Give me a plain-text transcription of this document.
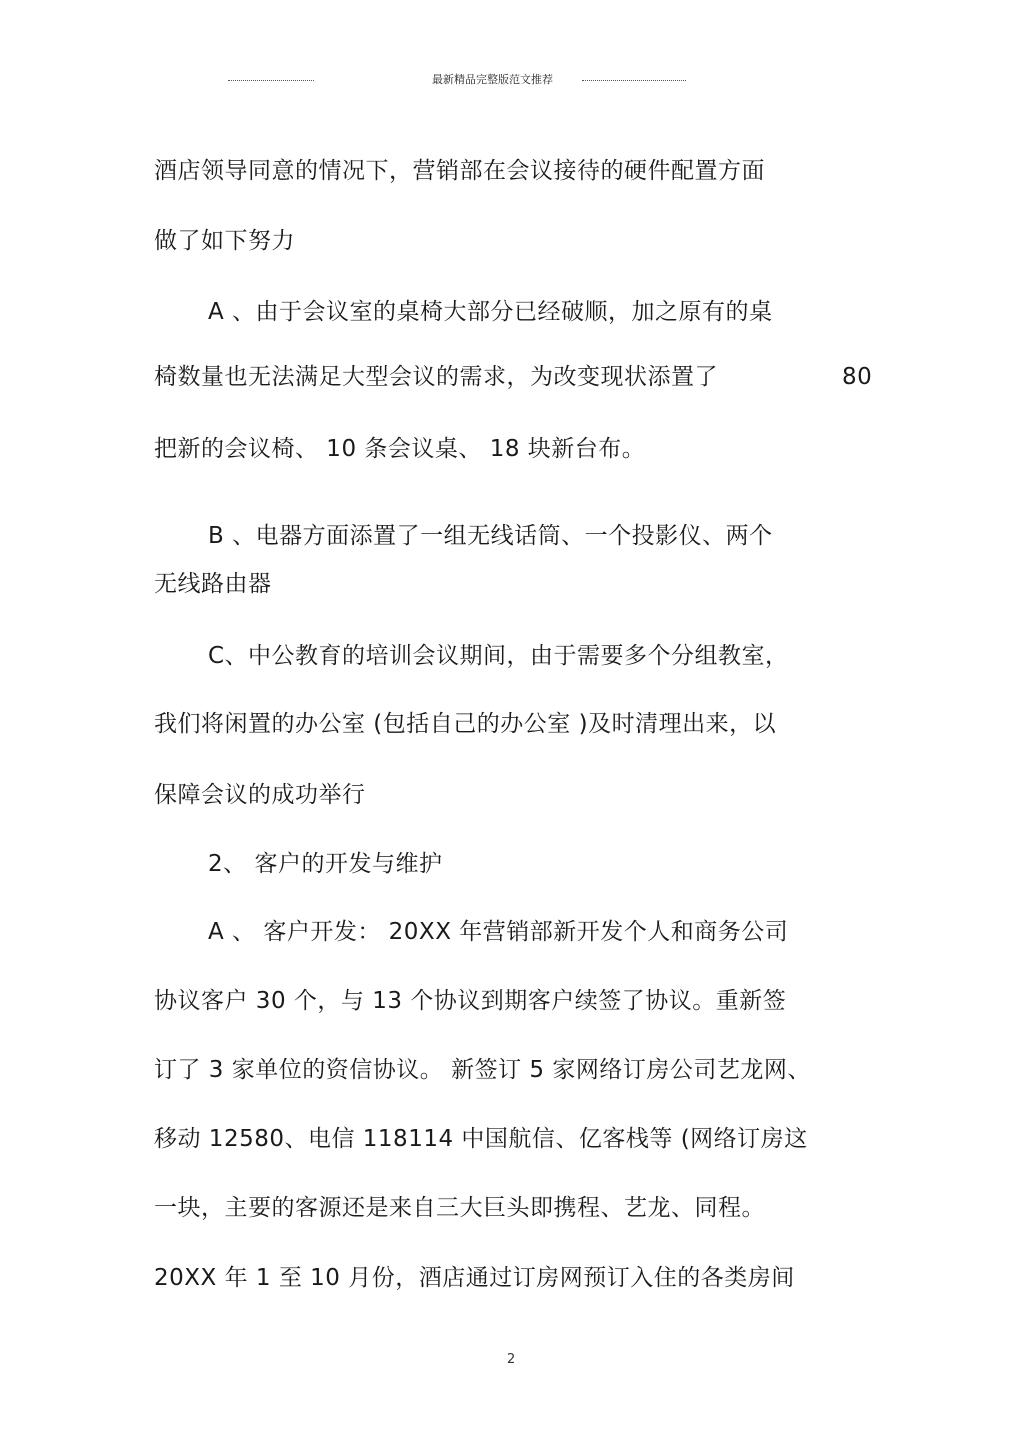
最新精品完整版范文推荐
酒店领导同意的情况下，营销部在会议接待的硬件配置方面
做了如下努力
A 、由于会议室的桌椅大部分已经破顺，加之原有的桌
椅数量也无法满足大型会议的需求，为改变现状添置了	80
把新的会议椅、 10 条会议桌、 18 块新台布。
B 、电器方面添置了一组无线话筒、一个投影仪、两个
无线路由器
C、中公教育的培训会议期间，由于需要多个分组教室，
我们将闲置的办公室 (包括自己的办公室 )及时清理出来，以
保障会议的成功举行
2、 客户的开发与维护
A 、 客户开发： 20XX 年营销部新开发个人和商务公司
协议客户 30 个，与 13 个协议到期客户续签了协议。重新签
订了 3 家单位的资信协议。 新签订 5 家网络订房公司艺龙网、
移动 12580、电信 118114 中国航信、亿客栈等 (网络订房这
一块，主要的客源还是来自三大巨头即携程、艺龙、同程。
20XX 年 1 至 10 月份，酒店通过订房网预订入住的各类房间
2
